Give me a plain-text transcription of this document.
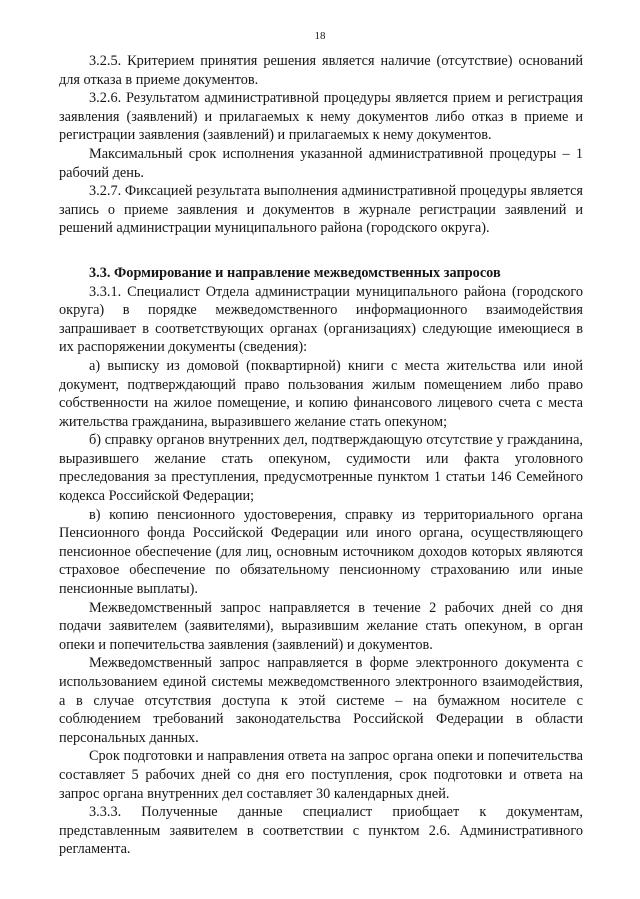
18

3.2.5. Критерием принятия решения является наличие (отсутствие) оснований для отказа в приеме документов.

3.2.6. Результатом административной процедуры является прием и регистрация заявления (заявлений) и прилагаемых к нему документов либо отказ в приеме и регистрации заявления (заявлений) и прилагаемых к нему документов.

Максимальный срок исполнения указанной административной процедуры – 1 рабочий день.

3.2.7. Фиксацией результата выполнения административной процедуры является запись о приеме заявления и документов в журнале регистрации заявлений и решений администрации муниципального района (городского округа).

3.3. Формирование и направление межведомственных запросов

3.3.1. Специалист Отдела администрации муниципального района (городского округа) в порядке межведомственного информационного взаимодействия запрашивает в соответствующих органах (организациях) следующие имеющиеся в их распоряжении документы (сведения):

а) выписку из домовой (поквартирной) книги с места жительства или иной документ, подтверждающий право пользования жилым помещением либо право собственности на жилое помещение, и копию финансового лицевого счета с места жительства гражданина, выразившего желание стать опекуном;

б) справку органов внутренних дел, подтверждающую отсутствие у гражданина, выразившего желание стать опекуном, судимости или факта уголовного преследования за преступления, предусмотренные пунктом 1 статьи 146 Семейного кодекса Российской Федерации;

в) копию пенсионного удостоверения, справку из территориального органа Пенсионного фонда Российской Федерации или иного органа, осуществляющего пенсионное обеспечение (для лиц, основным источником доходов которых являются страховое обеспечение по обязательному пенсионному страхованию или иные пенсионные выплаты).

Межведомственный запрос направляется в течение 2 рабочих дней со дня подачи заявителем (заявителями), выразившим желание стать опекуном, в орган опеки и попечительства заявления (заявлений) и документов.

Межведомственный запрос направляется в форме электронного документа с использованием единой системы межведомственного электронного взаимодействия, а в случае отсутствия доступа к этой системе – на бумажном носителе с соблюдением требований законодательства Российской Федерации в области персональных данных.

Срок подготовки и направления ответа на запрос органа опеки и попечительства составляет 5 рабочих дней со дня его поступления, срок подготовки и ответа на запрос органа внутренних дел составляет 30 календарных дней.

3.3.3. Полученные данные специалист приобщает к документам, представленным заявителем в соответствии с пунктом 2.6. Административного регламента.
